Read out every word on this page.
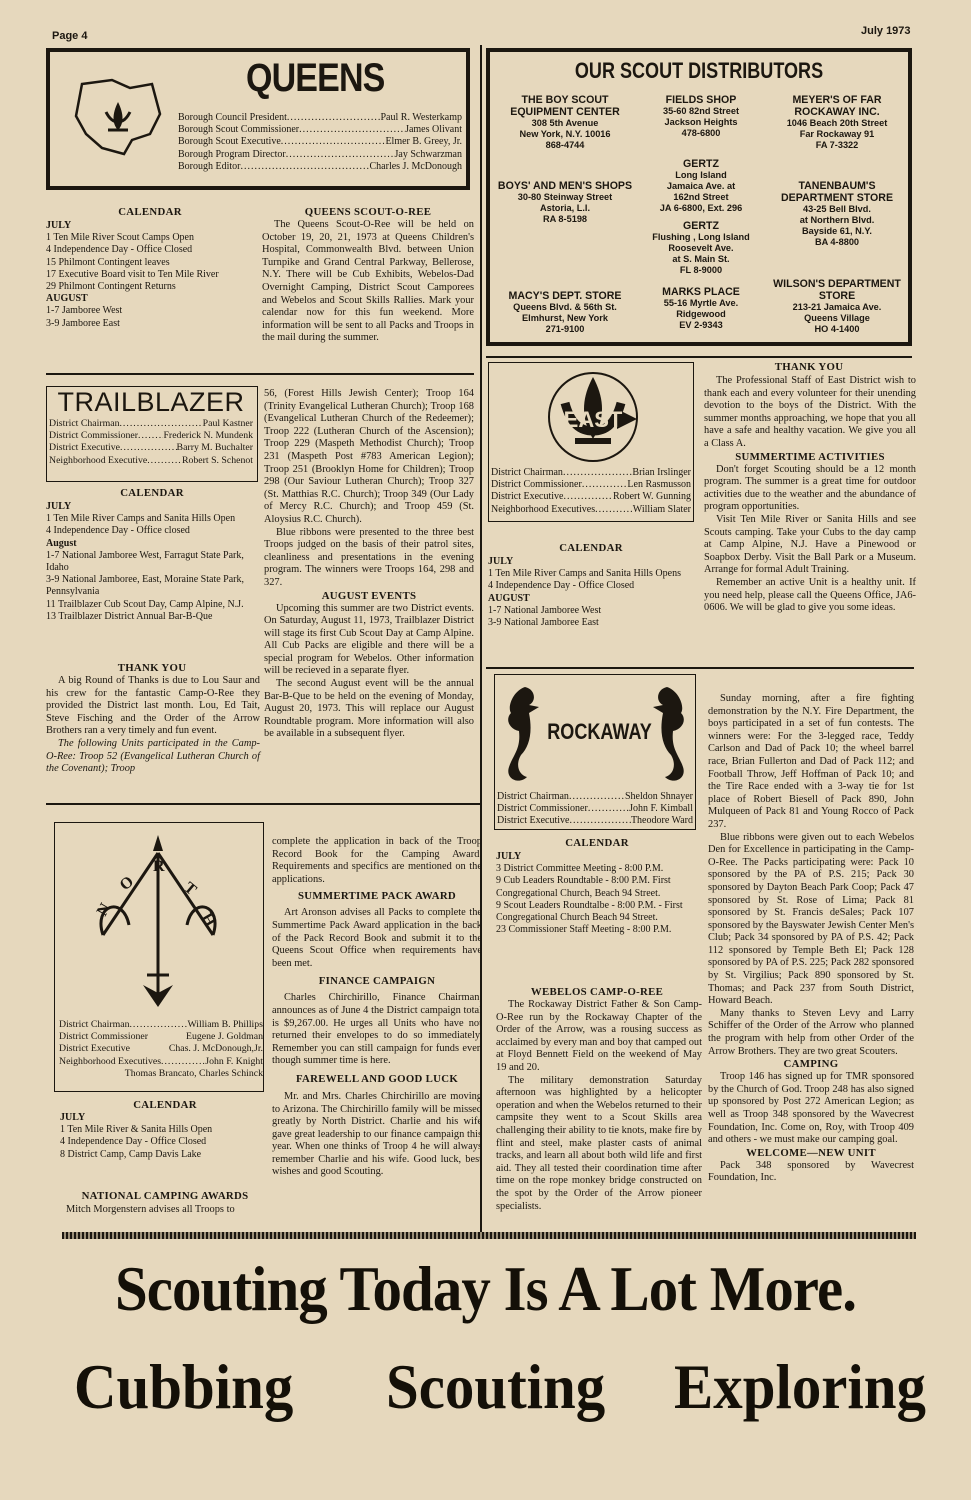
Page 4	July 1973
QUEENS
Borough Council President .....	Paul R. Westerkamp
Borough Scout Commissioner .....	James Olivant
Borough Scout Executive .....	Elmer B. Greey, Jr.
Borough Program Director .....	Jay Schwarzman
Borough Editor .....	Charles J. McDonough
CALENDAR
JULY
1 Ten Mile River Scout Camps Open
4 Independence Day - Office Closed
15 Philmont Contingent leaves
17 Executive Board visit to Ten Mile River
29 Philmont Contingent Returns
AUGUST
1-7 Jamboree West
3-9 Jamboree East
QUEENS SCOUT-O-REE

The Queens Scout-O-Ree will be held on October 19, 20, 21, 1973 at Queens Children's Hospital, Commonwealth Blvd. between Union Turnpike and Grand Central Parkway, Bellerose, N.Y. There will be Cub Exhibits, Webelos-Dad Overnight Camping, District Scout Camporees and Webelos and Scout Skills Rallies. Mark your calendar now for this fun weekend. More information will be sent to all Packs and Troops in the mail during the summer.

OUR SCOUT DISTRIBUTORS
THE BOY SCOUT EQUIPMENT CENTER
308 5th Avenue
New York, N.Y. 10016
868-4744
BOYS' AND MEN'S SHOPS
30-80 Steinway Street
Astoria, L.I.
RA 8-5198
MACY'S DEPT. STORE
Queens Blvd. & 56th St.
Elmhurst, New York
271-9100
FIELDS SHOP
35-60 82nd Street
Jackson Heights
478-6800
GERTZ
Long Island
Jamaica Ave. at
162nd Street
JA 6-6800, Ext. 296
GERTZ
Flushing , Long Island
Roosevelt Ave.
at S. Main St.
FL 8-9000
MARKS PLACE
55-16 Myrtle Ave.
Ridgewood
EV 2-9343
MEYER'S OF FAR ROCKAWAY INC.
1046 Beach 20th Street
Far Rockaway 91
FA 7-3322
TANENBAUM'S DEPARTMENT STORE
43-25 Bell Blvd.
at Northern Blvd.
Bayside 61, N.Y.
BA 4-8800
WILSON'S DEPARTMENT STORE
213-21 Jamaica Ave.
Queens Village
HO 4-1400
TRAILBLAZER
District Chairman .....	Paul Kastner
District Commissioner .....	Frederick N. Mundenk
District Executive .....	Barry M. Buchalter
Neighborhood Executive .....	Robert S. Schenot
CALENDAR
JULY
1 Ten Mile River Camps and Sanita Hills Open
4 Independence Day - Office closed
August
1-7 National Jamboree West, Farragut State Park, Idaho
3-9 National Jamboree, East, Moraine State Park, Pennsylvania
11 Trailblazer Cub Scout Day, Camp Alpine, N.J.
13 Trailblazer District Annual Bar-B-Que
THANK YOU

A big Round of Thanks is due to Lou Saur and his crew for the fantastic Camp-O-Ree they provided the District last month. Lou, Ed Tait, Steve Fisching and the Order of the Arrow Brothers ran a very timely and fun event.

The following Units participated in the Camp-O-Ree: Troop 52 (Evangelical Lutheran Church of the Covenant); Troop

56, (Forest Hills Jewish Center); Troop 164 (Trinity Evangelical Lutheran Church); Troop 168 (Evangelical Lutheran Church of the Redeemer); Troop 222 (Lutheran Church of the Ascension); Troop 229 (Maspeth Methodist Church); Troop 231 (Maspeth Post #783 American Legion); Troop 251 (Brooklyn Home for Children); Troop 298 (Our Saviour Lutheran Church); Troop 327 (St. Matthias R.C. Church); Troop 349 (Our Lady of Mercy R.C. Church); and Troop 459 (St. Aloysius R.C. Church).

Blue ribbons were presented to the three best Troops judged on the basis of their patrol sites, cleanliness and presentations in the evening program. The winners were Troops 164, 298 and 327.

AUGUST EVENTS

Upcoming this summer are two District events. On Saturday, August 11, 1973, Trailblazer District will stage its first Cub Scout Day at Camp Alpine. All Cub Packs are eligible and there will be a special program for Webelos. Other information will be recieved in a separate flyer.

The second August event will be the annual Bar-B-Que to be held on the evening of Monday, August 20, 1973. This will replace our August Roundtable program. More information will also be available in a subsequent flyer.

EAST
District Chairman .....	Brian Irslinger
District Commissioner .....	Len Rasmusson
District Executive .....	Robert W. Gunning
Neighborhood Executives .....	William Slater
CALENDAR
JULY
1 Ten Mile River Camps and Sanita Hills Opens
4 Independence Day - Office Closed
AUGUST
1-7 National Jamboree West
3-9 National Jamboree East
THANK YOU

The Professional Staff of East District wish to thank each and every volunteer for their unending devotion to the boys of the District. With the summer months approaching, we hope that you all have a safe and healthy vacation. We give you all a Class A.

SUMMERTIME ACTIVITIES

Don't forget Scouting should be a 12 month program. The summer is a great time for outdoor activities due to the weather and the abundance of program opportunities.

Visit Ten Mile River or Sanita Hills and see Scouts camping. Take your Cubs to the day camp at Camp Alpine, N.J. Have a Pinewood or Soapbox Derby. Visit the Ball Park or a Museum. Arrange for formal Adult Training.

Remember an active Unit is a healthy unit. If you need help, please call the Queens Office, JA6-0606. We will be glad to give you some ideas.

O
N
R
T
H
District Chairman .....	William B. Phillips
District Commissioner	Eugene J. Goldman
District Executive	Chas. J. McDonough,Jr.
Neighborhood Executives .....	John F. Knight
Thomas Brancato, Charles Schinck
CALENDAR
JULY
1 Ten Mile River & Sanita Hills Open
4 Independence Day - Office Closed
8 District Camp, Camp Davis Lake
NATIONAL CAMPING AWARDS

Mitch Morgenstern advises all Troops to

complete the application in back of the Troop Record Book for the Camping Award. Requirements and specifics are mentioned on the applications.

SUMMERTIME PACK AWARD

Art Aronson advises all Packs to complete the Summertime Pack Award application in the back of the Pack Record Book and submit it to the Queens Scout Office when requirements have been met.

FINANCE CAMPAIGN

Charles Chirchirillo, Finance Chairman, announces as of June 4 the District campaign total is $9,267.00. He urges all Units who have not returned their envelopes to do so immediately. Remember you can still campaign for funds even though summer time is here.

FAREWELL AND GOOD LUCK

Mr. and Mrs. Charles Chirchirillo are moving to Arizona. The Chirchirillo family will be missed greatly by North District. Charlie and his wife gave great leadership to our finance campaign this year. When one thinks of Troop 4 he will always remember Charlie and his wife. Good luck, best wishes and good Scouting.

ROCKAWAY
District Chairman .....	Sheldon Shnayer
District Commissioner .....	John F. Kimball
District Executive .....	Theodore Ward
CALENDAR
JULY
3 District Committee Meeting - 8:00 P.M.
9 Cub Leaders Roundtable - 8:00 P.M. First Congregational Church, Beach 94 Street.
9 Scout Leaders Roundtalbe - 8:00 P.M. - First Congregational Church Beach 94 Street.
23 Commissioner Staff Meeting - 8:00 P.M.
WEBELOS CAMP-O-REE

The Rockaway District Father & Son Camp-O-Ree run by the Rockaway Chapter of the Order of the Arrow, was a rousing success as acclaimed by every man and boy that camped out at Floyd Bennett Field on the weekend of May 19 and 20.

The military demonstration Saturday afternoon was highlighted by a helicopter operation and when the Webelos returned to their campsite they went to a Scout Skills area challenging their ability to tie knots, make fire by flint and steel, make plaster casts of animal tracks, and learn all about both wild life and first aid. They all tested their coordination time after time on the rope monkey bridge constructed on the spot by the Order of the Arrow pioneer specialists.

Sunday morning, after a fire fighting demonstration by the N.Y. Fire Department, the boys participated in a set of fun contests. The winners were: For the 3-legged race, Teddy Carlson and Dad of Pack 10; the wheel barrel race, Brian Fullerton and Dad of Pack 112; and Football Throw, Jeff Hoffman of Pack 10; and the Tire Race ended with a 3-way tie for 1st place of Robert Biesell of Pack 890, John Mulqueen of Pack 81 and Young Rocco of Pack 237.

Blue ribbons were given out to each Webelos Den for Excellence in participating in the Camp-O-Ree. The Packs participating were: Pack 10 sponsored by the PA of P.S. 215; Pack 30 sponsored by Dayton Beach Park Coop; Pack 47 sponsored by St. Rose of Lima; Pack 81 sponsored by St. Francis deSales; Pack 107 sponsored by the Bayswater Jewish Center Men's Club; Pack 34 sponsored by PA of P.S. 42; Pack 112 sponsored by Temple Beth El; Pack 128 sponsored by PA of P.S. 225; Pack 282 sponsored by St. Virgilius; Pack 890 sponsored by St. Thomas; and Pack 237 from South District, Howard Beach.

Many thanks to Steven Levy and Larry Schiffer of the Order of the Arrow who planned the program with help from other Order of the Arrow Brothers. They are two great Scouters.

CAMPING

Troop 146 has signed up for TMR sponsored by the Church of God. Troop 248 has also signed up sponsored by Post 272 American Legion; as well as Troop 348 sponsored by the Wavecrest Foundation, Inc. Come on, Roy, with Troop 409 and others - we must make our camping goal.

WELCOME—NEW UNIT

Pack 348 sponsored by Wavecrest Foundation, Inc.

Scouting Today Is A Lot More.
Cubbing Scouting Exploring
